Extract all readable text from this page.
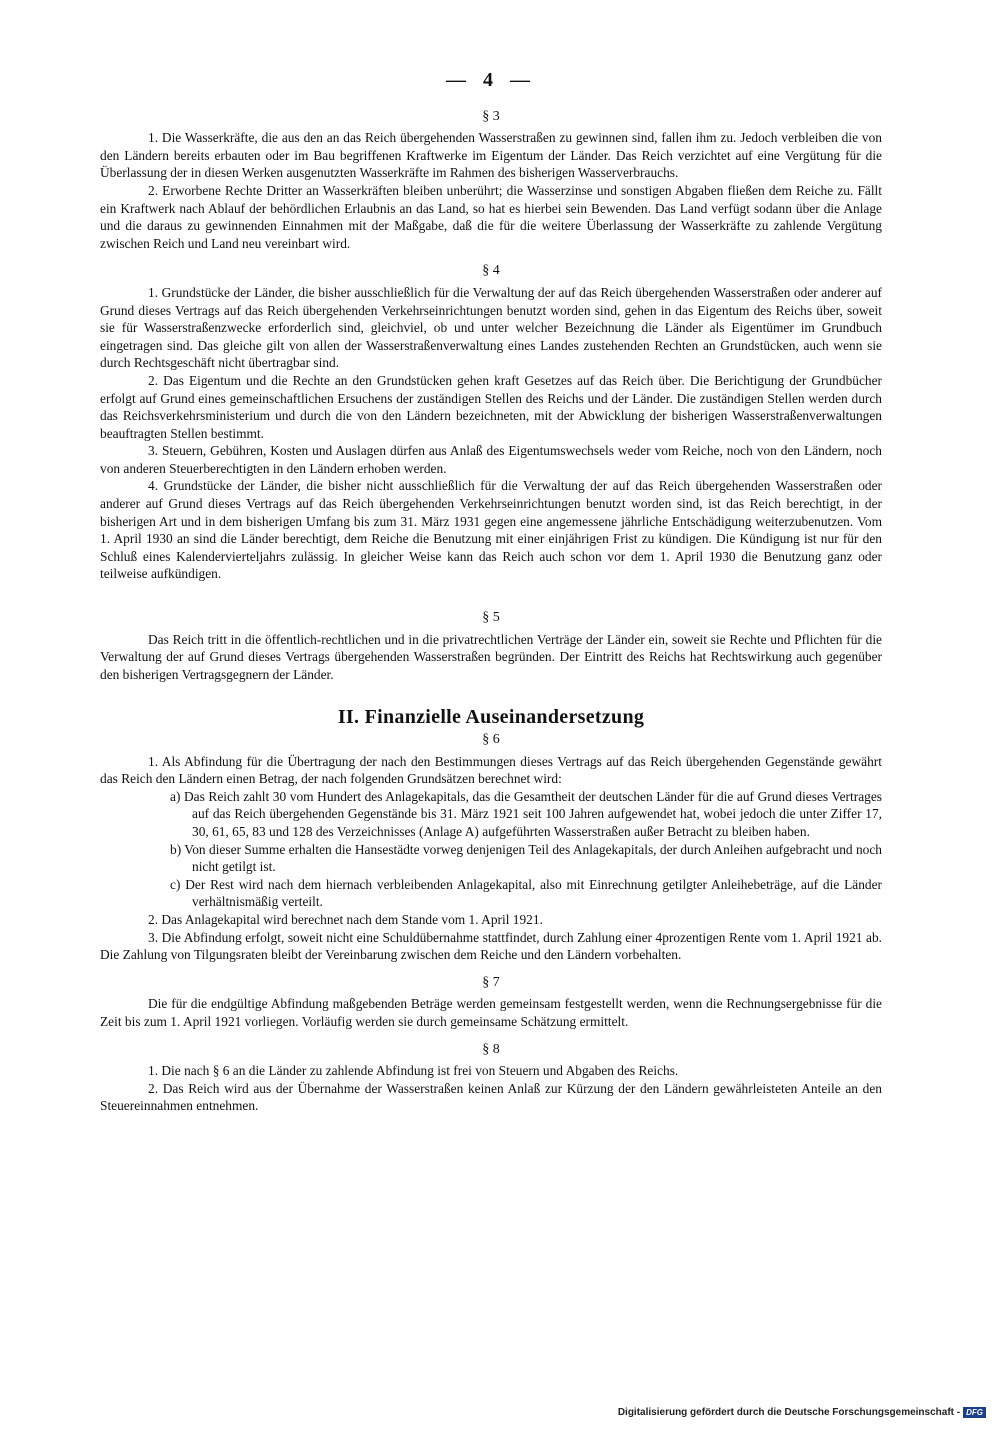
— 4 —
§ 3

1. Die Wasserkräfte, die aus den an das Reich übergehenden Wasserstraßen zu gewinnen sind, fallen ihm zu. Jedoch verbleiben die von den Ländern bereits erbauten oder im Bau begriffenen Kraftwerke im Eigentum der Länder. Das Reich verzichtet auf eine Vergütung für die Überlassung der in diesen Werken ausgenutzten Wasserkräfte im Rahmen des bisherigen Wasserverbrauchs.

2. Erworbene Rechte Dritter an Wasserkräften bleiben unberührt; die Wasserzinse und sonstigen Abgaben fließen dem Reiche zu. Fällt ein Kraftwerk nach Ablauf der behördlichen Erlaubnis an das Land, so hat es hierbei sein Bewenden. Das Land verfügt sodann über die Anlage und die daraus zu gewinnenden Einnahmen mit der Maßgabe, daß die für die weitere Überlassung der Wasserkräfte zu zahlende Vergütung zwischen Reich und Land neu vereinbart wird.

§ 4

1. Grundstücke der Länder, die bisher ausschließlich für die Verwaltung der auf das Reich übergehenden Wasserstraßen oder anderer auf Grund dieses Vertrags auf das Reich übergehenden Verkehrseinrichtungen benutzt worden sind, gehen in das Eigentum des Reichs über, soweit sie für Wasserstraßenzwecke erforderlich sind, gleichviel, ob und unter welcher Bezeichnung die Länder als Eigentümer im Grundbuch eingetragen sind. Das gleiche gilt von allen der Wasserstraßenverwaltung eines Landes zustehenden Rechten an Grundstücken, auch wenn sie durch Rechtsgeschäft nicht übertragbar sind.

2. Das Eigentum und die Rechte an den Grundstücken gehen kraft Gesetzes auf das Reich über. Die Berichtigung der Grundbücher erfolgt auf Grund eines gemeinschaftlichen Ersuchens der zuständigen Stellen des Reichs und der Länder. Die zuständigen Stellen werden durch das Reichsverkehrsministerium und durch die von den Ländern bezeichneten, mit der Abwicklung der bisherigen Wasserstraßenverwaltungen beauftragten Stellen bestimmt.

3. Steuern, Gebühren, Kosten und Auslagen dürfen aus Anlaß des Eigentumswechsels weder vom Reiche, noch von den Ländern, noch von anderen Steuerberechtigten in den Ländern erhoben werden.

4. Grundstücke der Länder, die bisher nicht ausschließlich für die Verwaltung der auf das Reich übergehenden Wasserstraßen oder anderer auf Grund dieses Vertrags auf das Reich übergehenden Verkehrseinrichtungen benutzt worden sind, ist das Reich berechtigt, in der bisherigen Art und in dem bisherigen Umfang bis zum 31. März 1931 gegen eine angemessene jährliche Entschädigung weiterzubenutzen. Vom 1. April 1930 an sind die Länder berechtigt, dem Reiche die Benutzung mit einer einjährigen Frist zu kündigen. Die Kündigung ist nur für den Schluß eines Kalendervierteljahrs zulässig. In gleicher Weise kann das Reich auch schon vor dem 1. April 1930 die Benutzung ganz oder teilweise aufkündigen.

§ 5

Das Reich tritt in die öffentlich-rechtlichen und in die privatrechtlichen Verträge der Länder ein, soweit sie Rechte und Pflichten für die Verwaltung der auf Grund dieses Vertrags übergehenden Wasserstraßen begründen. Der Eintritt des Reichs hat Rechtswirkung auch gegenüber den bisherigen Vertragsgegnern der Länder.

II. Finanzielle Auseinandersetzung
§ 6

1. Als Abfindung für die Übertragung der nach den Bestimmungen dieses Vertrags auf das Reich übergehenden Gegenstände gewährt das Reich den Ländern einen Betrag, der nach folgenden Grundsätzen berechnet wird:

a) Das Reich zahlt 30 vom Hundert des Anlagekapitals, das die Gesamtheit der deutschen Länder für die auf Grund dieses Vertrages auf das Reich übergehenden Gegenstände bis 31. März 1921 seit 100 Jahren aufgewendet hat, wobei jedoch die unter Ziffer 17, 30, 61, 65, 83 und 128 des Verzeichnisses (Anlage A) aufgeführten Wasserstraßen außer Betracht zu bleiben haben.
b) Von dieser Summe erhalten die Hansestädte vorweg denjenigen Teil des Anlagekapitals, der durch Anleihen aufgebracht und noch nicht getilgt ist.
c) Der Rest wird nach dem hiernach verbleibenden Anlagekapital, also mit Einrechnung getilgter Anleihebeträge, auf die Länder verhältnismäßig verteilt.

2. Das Anlagekapital wird berechnet nach dem Stande vom 1. April 1921.

3. Die Abfindung erfolgt, soweit nicht eine Schuldübernahme stattfindet, durch Zahlung einer 4prozentigen Rente vom 1. April 1921 ab. Die Zahlung von Tilgungsraten bleibt der Vereinbarung zwischen dem Reiche und den Ländern vorbehalten.

§ 7

Die für die endgültige Abfindung maßgebenden Beträge werden gemeinsam festgestellt werden, wenn die Rechnungsergebnisse für die Zeit bis zum 1. April 1921 vorliegen. Vorläufig werden sie durch gemeinsame Schätzung ermittelt.

§ 8

1. Die nach § 6 an die Länder zu zahlende Abfindung ist frei von Steuern und Abgaben des Reichs.

2. Das Reich wird aus der Übernahme der Wasserstraßen keinen Anlaß zur Kürzung der den Ländern gewährleisteten Anteile an den Steuereinnahmen entnehmen.

Digitalisierung gefördert durch die Deutsche Forschungsgemeinschaft - DFG
